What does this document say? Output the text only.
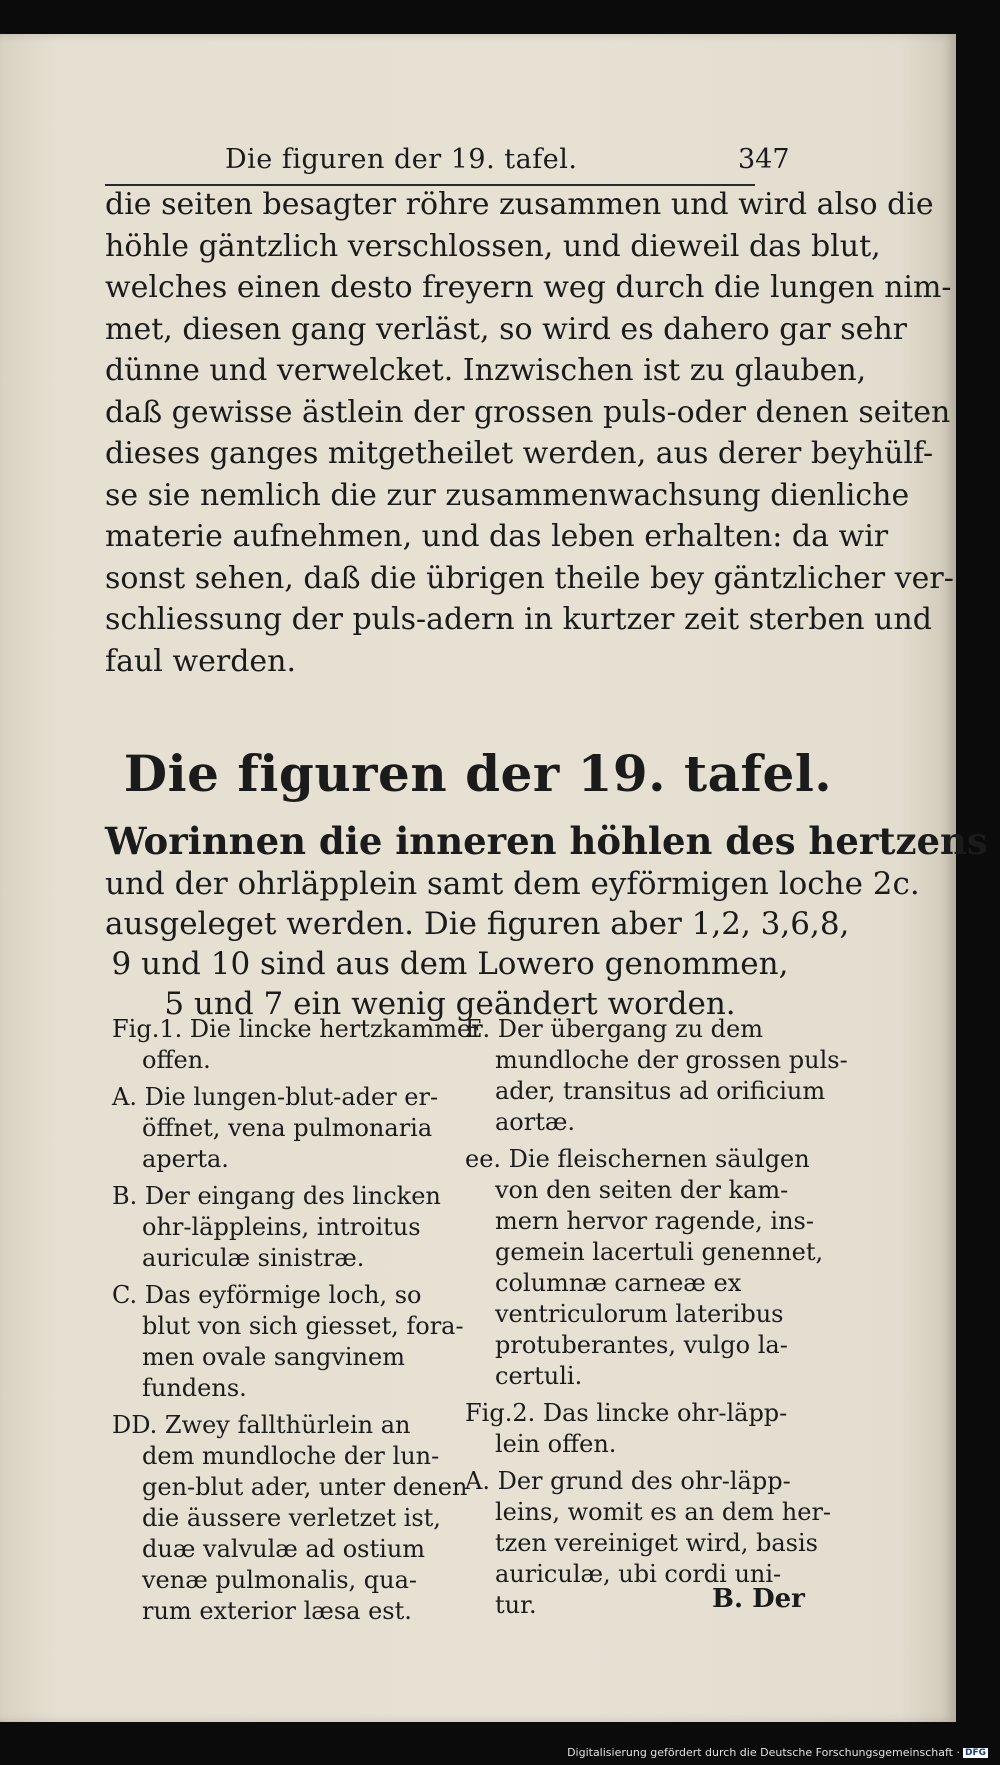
Die figuren der 19. tafel.	347
die seiten besagter röhre zusammen und wird also die
höhle gäntzlich verschlossen, und dieweil das blut,
welches einen desto freyern weg durch die lungen nim-
met, diesen gang verläst, so wird es dahero gar sehr
dünne und verwelcket. Inzwischen ist zu glauben,
daß gewisse ästlein der grossen puls-oder denen seiten
dieses ganges mitgetheilet werden, aus derer beyhülf-
se sie nemlich die zur zusammenwachsung dienliche
materie aufnehmen, und das leben erhalten: da wir
sonst sehen, daß die übrigen theile bey gäntzlicher ver-
schliessung der puls-adern in kurtzer zeit sterben und
faul werden.
Die figuren der 19. tafel.
Worinnen die inneren höhlen des hertzens
und der ohrläpplein samt dem eyförmigen loche 2c.
ausgeleget werden. Die figuren aber 1,2, 3,6,8,
9 und 10 sind aus dem Lowero genommen,
5 und 7 ein wenig geändert worden.
Fig.1. Die lincke hertzkammer
offen.
A. Die lungen-blut-ader er-
öffnet, vena pulmonaria
aperta.
B. Der eingang des lincken
ohr-läppleins, introitus
auriculæ sinistræ.
C. Das eyförmige loch, so
blut von sich giesset, fora-
men ovale sangvinem
fundens.
DD. Zwey fallthürlein an
dem mundloche der lun-
gen-blut ader, unter denen
die äussere verletzet ist,
duæ valvulæ ad ostium
venæ pulmonalis, qua-
rum exterior læsa est.
E. Der übergang zu dem
mundloche der grossen puls-
ader, transitus ad orificium
aortæ.
ee. Die fleischernen säulgen
von den seiten der kam-
mern hervor ragende, ins-
gemein lacertuli genennet,
columnæ carneæ ex
ventriculorum lateribus
protuberantes, vulgo la-
certuli.
Fig.2. Das lincke ohr-läpp-
lein offen.
A. Der grund des ohr-läpp-
leins, womit es an dem her-
tzen vereiniget wird, basis
auriculæ, ubi cordi uni-
tur.	B. Der
Digitalisierung gefördert durch die Deutsche Forschungsgemeinschaft · DFG
